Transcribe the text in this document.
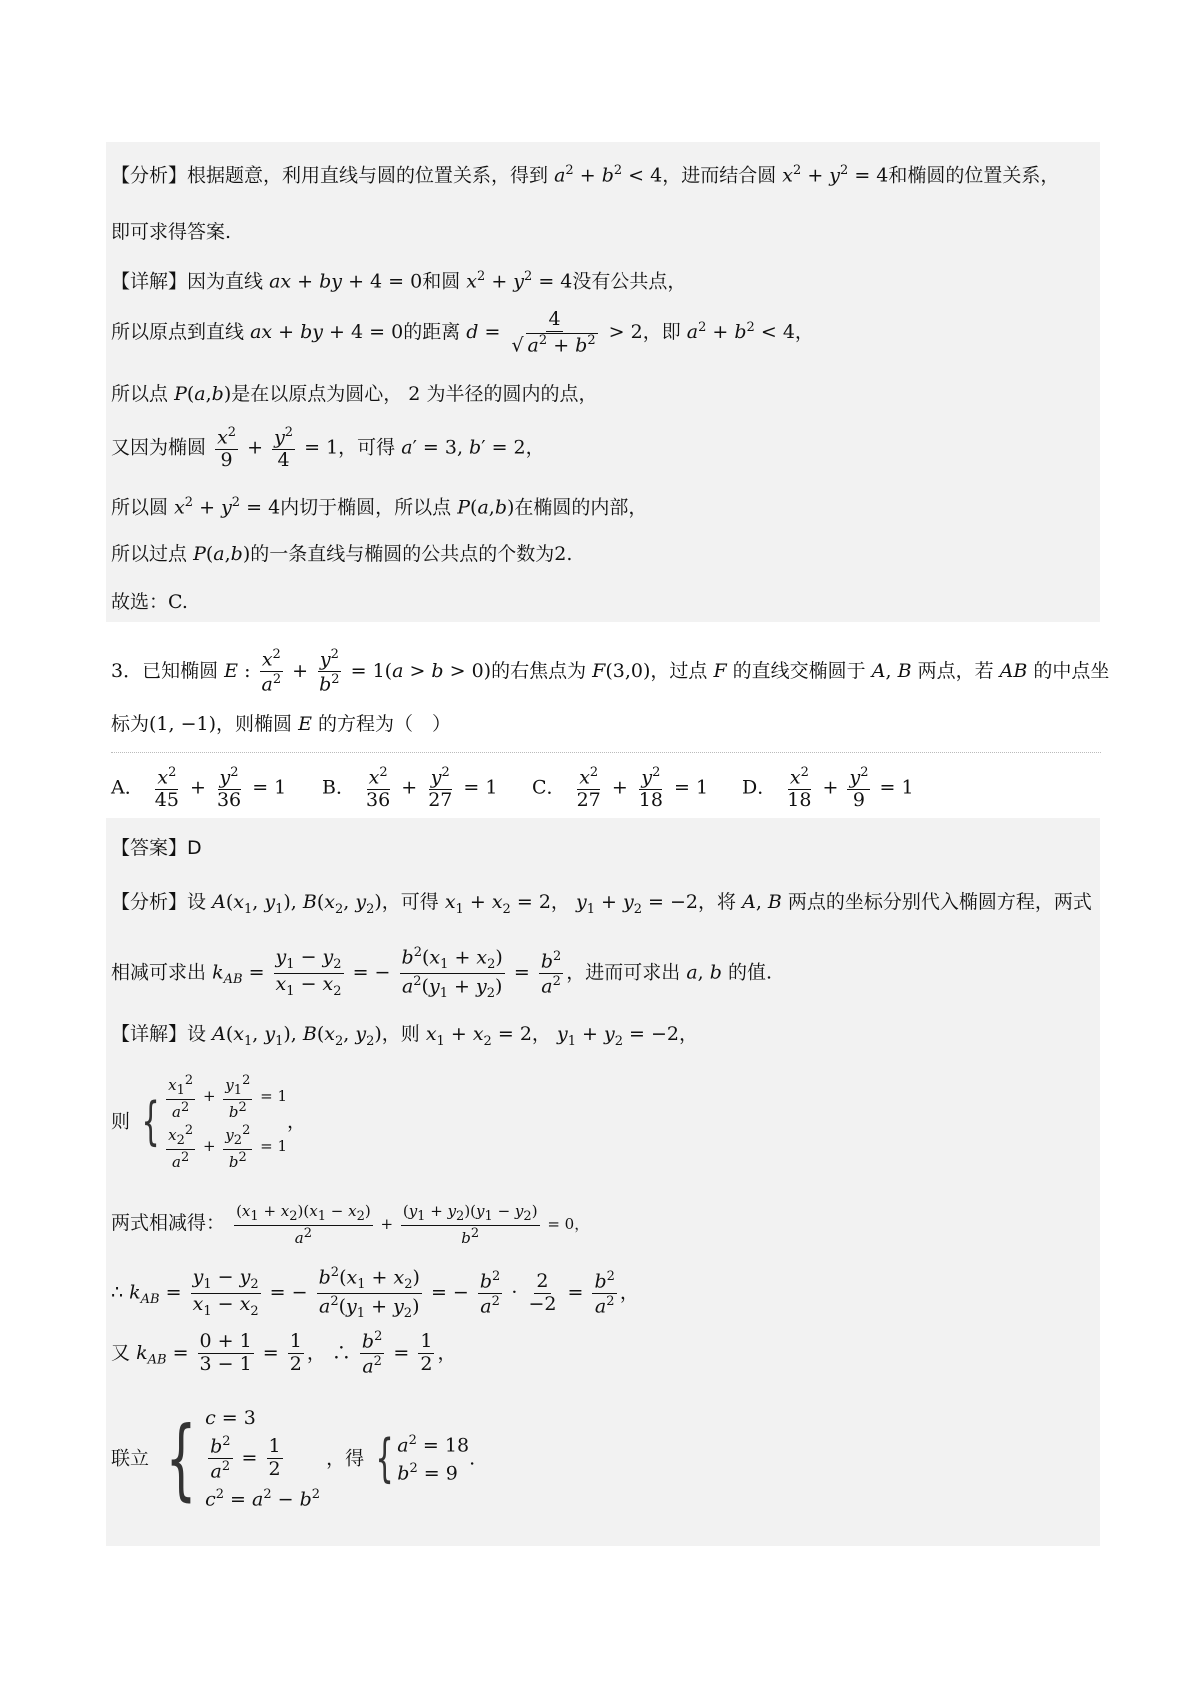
【分析】根据题意，利用直线与圆的位置关系，得到 $a^2 + b^2 < 4$，进而结合圆 $x^2 + y^2 = 4$和椭圆的位置关系，
即可求得答案.
【详解】因为直线 ax + by + 4 = 0和圆 $x^2 + y^2 = 4$没有公共点，
所以原点到直线 ax + by + 4 = 0的距离 $d = \frac{4}{√ a^2 + b^2} > 2$，即 $a^2 + b^2 < 4$，
所以点 P(a,b)是在以原点为圆心， 2 为半径的圆内的点，
又因为椭圆 $\frac{x^2}{9} + \frac{y^2}{4} = 1$，可得 a′ = 3, b′ = 2，
所以圆 $x^2 + y^2 = 4$内切于椭圆，所以点 P(a,b)在椭圆的内部，
所以过点 P(a,b)的一条直线与椭圆的公共点的个数为2.
故选：C.
3．已知椭圆 E : $\frac{x^2}{a^2} + \frac{y^2}{b^2} = 1(a > b > 0)$的右焦点为 F(3,0)，过点 F 的直线交椭圆于 A, B 两点，若 AB 的中点坐
标为(1, −1)，则椭圆 E 的方程为（　）
A． $\frac{x^2}{45} + \frac{y^2}{36} = 1$ B． $\frac{x^2}{36} + \frac{y^2}{27} = 1$ C． $\frac{x^2}{27} + \frac{y^2}{18} = 1$ D． $\frac{x^2}{18} + \frac{y^2}{9} = 1$
【答案】D
【分析】设 $A(x_1$, $y_1$), $B(x_2$, $y_2$)，可得 $x_1 + x_2 = 2$， $y_1 + y_2 = -2$，将 A, B 两点的坐标分别代入椭圆方程，两式
相减可求出 $k_{AB} = \frac{y_1 - y_2}{x_1 - x_2}$ = − $\frac{b^2(x_1 + x_2)}{a^2(y_1 + y_2)} = \frac{b^2}{a^2}$ ，进而可求出 a, b 的值.
【详解】设 $A(x_1$, $y_1$), $B(x_2$, $y_2$)，则 $x_1 + x_2 = 2$， $y_1 + y_2 = -2$，
则 { $\frac{x_1^2}{a^2} + \frac{y_1^2}{b^2} = 1$
$\frac{x_2^2}{a^2} + \frac{y_2^2}{b^2} = 1$
，
两式相减得： $\frac{(x_1 + x_2)(x_1 - x_2)}{a^2} + \frac{(y_1 + y_2)(y_1 - y_2)}{b^2} = 0$，
∴ $k_{AB} = \frac{y_1 - y_2}{x_1 - x_2}$ = − $\frac{b^2(x_1 + x_2)}{a^2(y_1 + y_2)}$ = − $\frac{b^2}{a^2} \cdot \frac{2}{-2} = \frac{b^2}{a^2}$ ，
又 $k_{AB} = \frac{0 + 1}{3 - 1} = \frac{1}{2}$ ， ∴ $\frac{b^2}{a^2} = \frac{1}{2}$ ，
联立 { c = 3
$\frac{b^2}{a^2} = \frac{1}{2}$
$c^2 = a^2 - b^2$
，得 { $a^2 = 18$
$b^2 = 9$
.
